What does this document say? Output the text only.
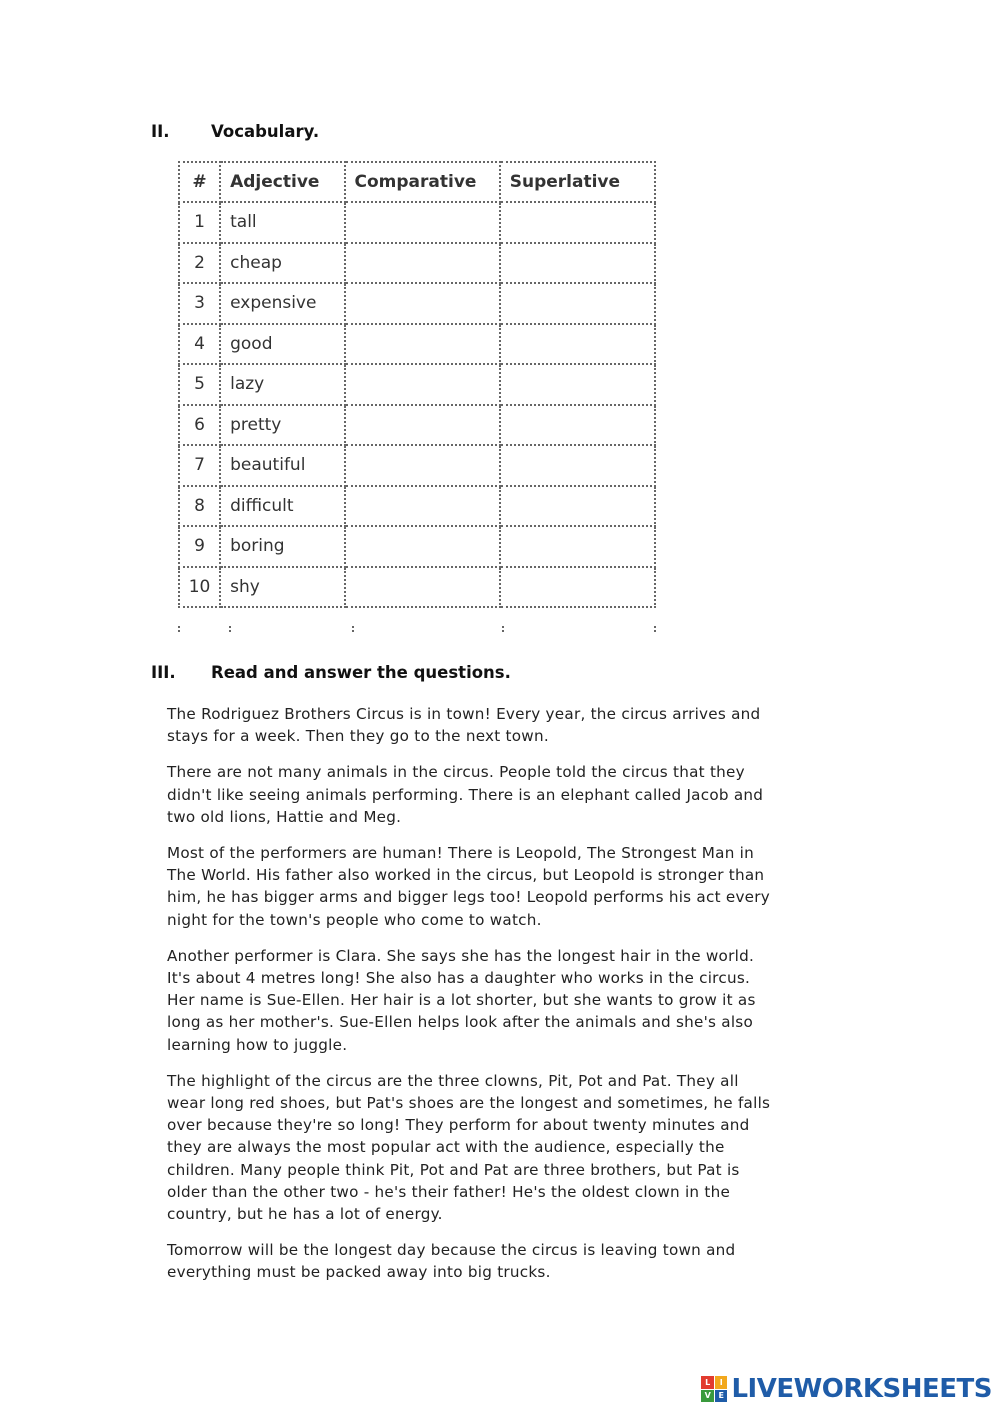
II.	Vocabulary.
#	Adjective	Comparative	Superlative
1	tall		
2	cheap		
3	expensive		
4	good		
5	lazy		
6	pretty		
7	beautiful		
8	difficult		
9	boring		
10	shy		
III. Read and answer the questions.

The Rodriguez Brothers Circus is in town! Every year, the circus arrives and stays for a week. Then they go to the next town.

There are not many animals in the circus. People told the circus that they didn't like seeing animals performing. There is an elephant called Jacob and two old lions, Hattie and Meg.

Most of the performers are human! There is Leopold, The Strongest Man in The World. His father also worked in the circus, but Leopold is stronger than him, he has bigger arms and bigger legs too! Leopold performs his act every night for the town's people who come to watch.

Another performer is Clara. She says she has the longest hair in the world. It's about 4 metres long! She also has a daughter who works in the circus. Her name is Sue-Ellen. Her hair is a lot shorter, but she wants to grow it as long as her mother's. Sue-Ellen helps look after the animals and she's also learning how to juggle.

The highlight of the circus are the three clowns, Pit, Pot and Pat. They all wear long red shoes, but Pat's shoes are the longest and sometimes, he falls over because they're so long! They perform for about twenty minutes and they are always the most popular act with the audience, especially the children. Many people think Pit, Pot and Pat are three brothers, but Pat is older than the other two - he's their father! He's the oldest clown in the country, but he has a lot of energy.

Tomorrow will be the longest day because the circus is leaving town and everything must be packed away into big trucks.

L	I
V E LIVEWORKSHEETS
